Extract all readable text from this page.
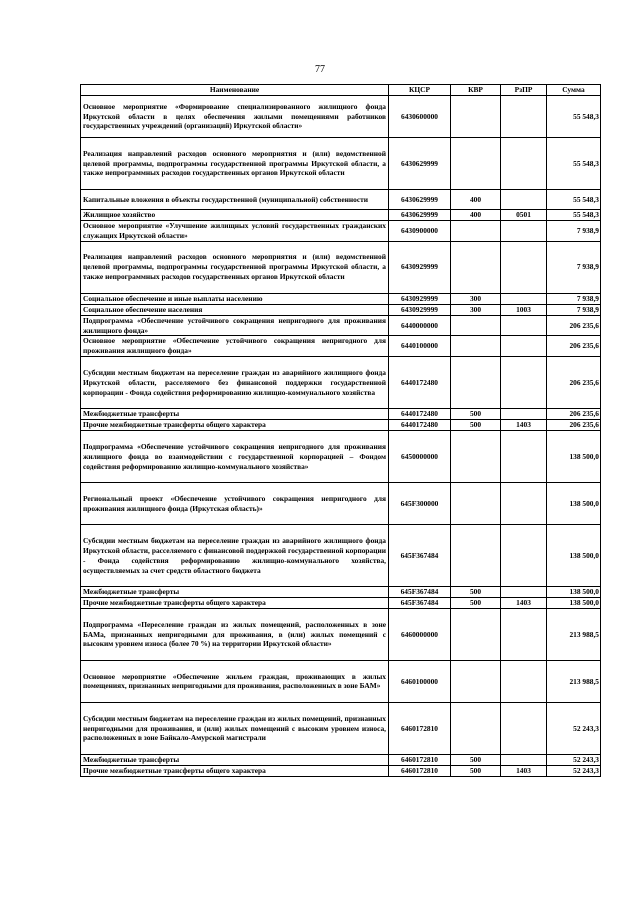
77
Наименование	КЦСР	КВР	РзПР	Сумма
Основное мероприятие «Формирование специализированного жилищного фонда Иркутской области в целях обеспечения жилыми помещениями работников государственных учреждений (организаций) Иркутской области»	6430600000			55 548,3
Реализация направлений расходов основного мероприятия и (или) ведомственной целевой программы, подпрограммы государственной программы Иркутской области, а также непрограммных расходов государственных органов Иркутской области	6430629999			55 548,3
Капитальные вложения в объекты государственной (муниципальной) собственности	6430629999	400		55 548,3
Жилищное хозяйство	6430629999	400	0501	55 548,3
Основное мероприятие «Улучшение жилищных условий государственных гражданских служащих Иркутской области»	6430900000			7 938,9
Реализация направлений расходов основного мероприятия и (или) ведомственной целевой программы, подпрограммы государственной программы Иркутской области, а также непрограммных расходов государственных органов Иркутской области	6430929999			7 938,9
Социальное обеспечение и иные выплаты населению	6430929999	300		7 938,9
Социальное обеспечение населения	6430929999	300	1003	7 938,9
Подпрограмма «Обеспечение устойчивого сокращения непригодного для проживания жилищного фонда»	6440000000			206 235,6
Основное мероприятие «Обеспечение устойчивого сокращения непригодного для проживания жилищного фонда»	6440100000			206 235,6
Субсидии местным бюджетам на переселение граждан из аварийного жилищного фонда Иркутской области, расселяемого без финансовой поддержки государственной корпорации - Фонда содействия реформированию жилищно-коммунального хозяйства	6440172480			206 235,6
Межбюджетные трансферты	6440172480	500		206 235,6
Прочие межбюджетные трансферты общего характера	6440172480	500	1403	206 235,6
Подпрограмма «Обеспечение устойчивого сокращения непригодного для проживания жилищного фонда во взаимодействии с государственной корпорацией – Фондом содействия реформированию жилищно-коммунального хозяйства»	6450000000			138 500,0
Региональный проект «Обеспечение устойчивого сокращения непригодного для проживания жилищного фонда (Иркутская область)»	645F300000			138 500,0
Субсидии местным бюджетам на переселение граждан из аварийного жилищного фонда Иркутской области, расселяемого с финансовой поддержкой государственной корпорации - Фонда содействия реформированию жилищно-коммунального хозяйства, осуществляемых за счет средств областного бюджета	645F367484			138 500,0
Межбюджетные трансферты	645F367484	500		138 500,0
Прочие межбюджетные трансферты общего характера	645F367484	500	1403	138 500,0
Подпрограмма «Переселение граждан из жилых помещений, расположенных в зоне БАМа, признанных непригодными для проживания, в (или) жилых помещений с высоким уровнем износа (более 70 %) на территории Иркутской области»	6460000000			213 988,5
Основное мероприятие «Обеспечение жильем граждан, проживающих в жилых помещениях, признанных непригодными для проживания, расположенных в зоне БАМ»	6460100000			213 988,5
Субсидии местным бюджетам на переселение граждан из жилых помещений, признанных непригодными для проживания, и (или) жилых помещений с высоким уровнем износа, расположенных в зоне Байкало-Амурской магистрали	6460172810			52 243,3
Межбюджетные трансферты	6460172810	500		52 243,3
Прочие межбюджетные трансферты общего характера	6460172810	500	1403	52 243,3
